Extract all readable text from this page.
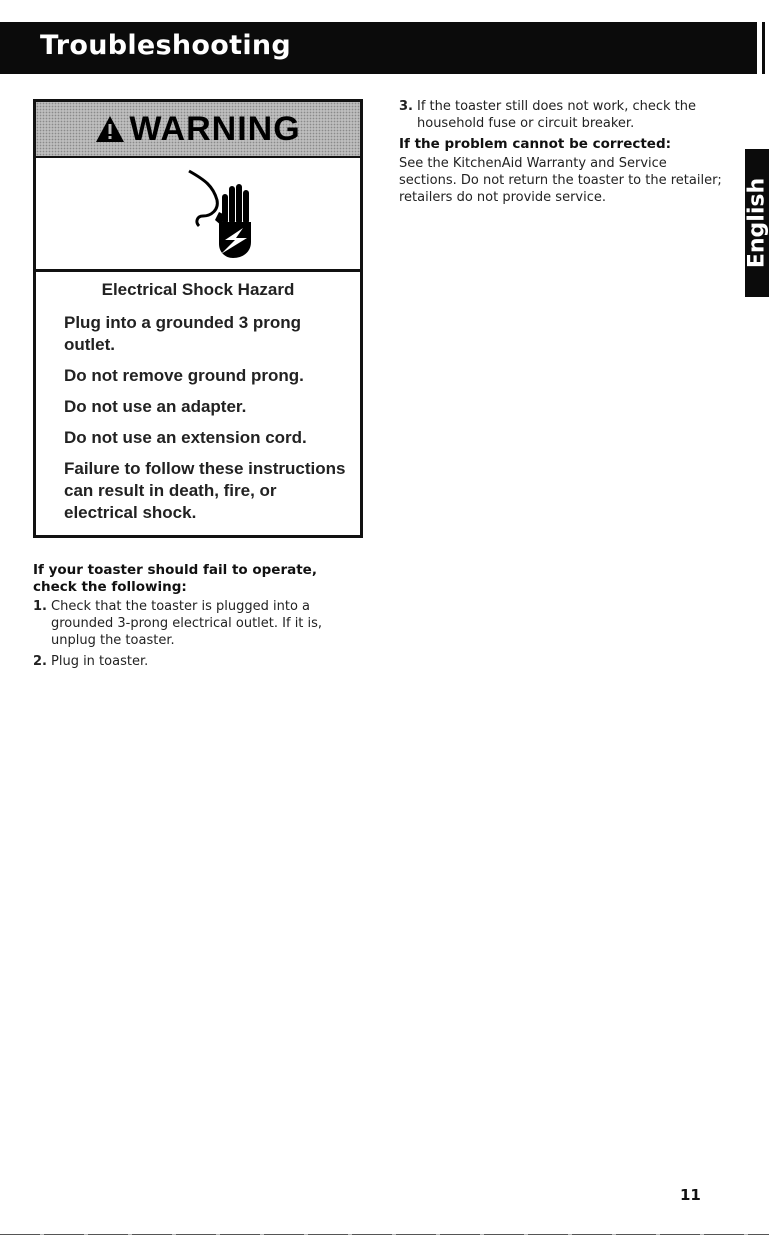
Troubleshooting
WARNING
Electrical Shock Hazard

Plug into a grounded 3 prong outlet.

Do not remove ground prong.

Do not use an adapter.

Do not use an extension cord.

Failure to follow these instructions can result in death, fire, or electrical shock.

If your toaster should fail to operate, check the following:
1. Check that the toaster is plugged into a grounded 3-prong electrical outlet. If it is, unplug the toaster.
2. Plug in toaster.
3. If the toaster still does not work, check the household fuse or circuit breaker.
If the problem cannot be corrected:

See the KitchenAid Warranty and Service sections. Do not return the toaster to the retailer; retailers do not provide service.	English
11
